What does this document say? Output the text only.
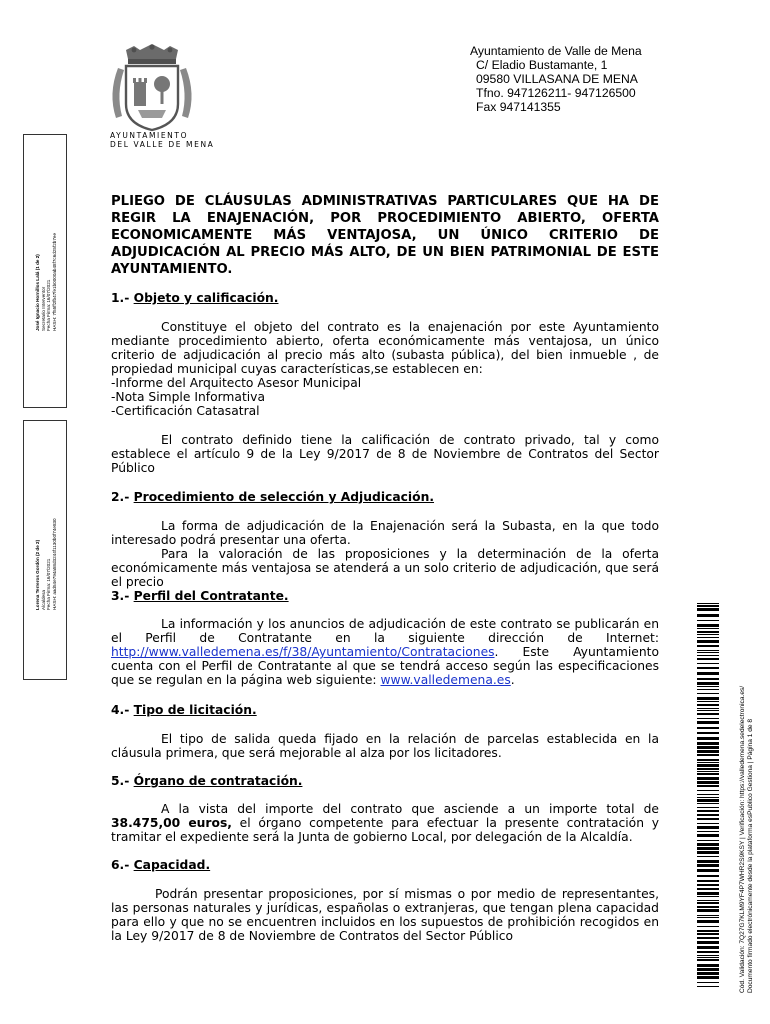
AYUNTAMIENTO
DEL VALLE DE MENA
Ayuntamiento de Valle de Mena
C/ Eladio Bustamante, 1
09580 VILLASANA DE MENA
Tfno. 947126211- 947126500
Fax 947141355
José Ignacio Hornillos Lalá (1 de 2) Secretario Interventor Fecha Firma: 16/07/2021 HASH: 7f55ff2fb47fe1b0000ab48f7c6d25f2b7ee
Lorena Terreros Gordón (2 de 2) Alcaldesa Fecha Firma: 16/07/2021 HASH: aad54e794a58d3244f1130b0f74e830
PLIEGO DE CLÁUSULAS ADMINISTRATIVAS PARTICULARES QUE HA DE REGIR LA ENAJENACIÓN, POR PROCEDIMIENTO ABIERTO, OFERTA ECONOMICAMENTE MÁS VENTAJOSA, UN ÚNICO CRITERIO DE ADJUDICACIÓN AL PRECIO MÁS ALTO, DE UN BIEN PATRIMONIAL DE ESTE AYUNTAMIENTO.
1.- Objeto y calificación.

Constituye el objeto del contrato es la enajenación por este Ayuntamiento mediante procedimiento abierto, oferta económicamente más ventajosa, un único criterio de adjudicación al precio más alto (subasta pública), del bien inmueble , de propiedad municipal cuyas características,se establecen en:

-Informe del Arquitecto Asesor Municipal

-Nota Simple Informativa

-Certificación Catasatral

El contrato definido tiene la calificación de contrato privado, tal y como establece el artículo 9 de la Ley 9/2017 de 8 de Noviembre de Contratos del Sector Público

2.- Procedimiento de selección y Adjudicación.

La forma de adjudicación de la Enajenación será la Subasta, en la que todo interesado podrá presentar una oferta.

Para la valoración de las proposiciones y la determinación de la oferta económicamente más ventajosa se atenderá a un solo criterio de adjudicación, que será el precio

3.- Perfil del Contratante.

La información y los anuncios de adjudicación de este contrato se publicarán en el Perfil de Contratante en la siguiente dirección de Internet: http://www.valledemena.es/f/38/Ayuntamiento/Contrataciones. Este Ayuntamiento cuenta con el Perfil de Contratante al que se tendrá acceso según las especificaciones que se regulan en la página web siguiente: www.valledemena.es.

4.- Tipo de licitación.

El tipo de salida queda fijado en la relación de parcelas establecida en la cláusula primera, que será mejorable al alza por los licitadores.

5.- Órgano de contratación.

A la vista del importe del contrato que asciende a un importe total de 38.475,00 euros, el órgano competente para efectuar la presente contratación y tramitar el expediente será la Junta de gobierno Local, por delegación de la Alcaldía.

6.- Capacidad.

Podrán presentar proposiciones, por sí mismas o por medio de representantes, las personas naturales y jurídicas, españolas o extranjeras, que tengan plena capacidad para ello y que no se encuentren incluidos en los supuestos de prohibición recogidos en la Ley 9/2017 de 8 de Noviembre de Contratos del Sector Público	Cód. Validación: 7Q27G7KLM9YF4P7WHR2S9KSY | Verificación: https://valledemena.sedelectronica.es/ Documento firmado electrónicamente desde la plataforma esPublico Gestiona | Página 1 de 8
